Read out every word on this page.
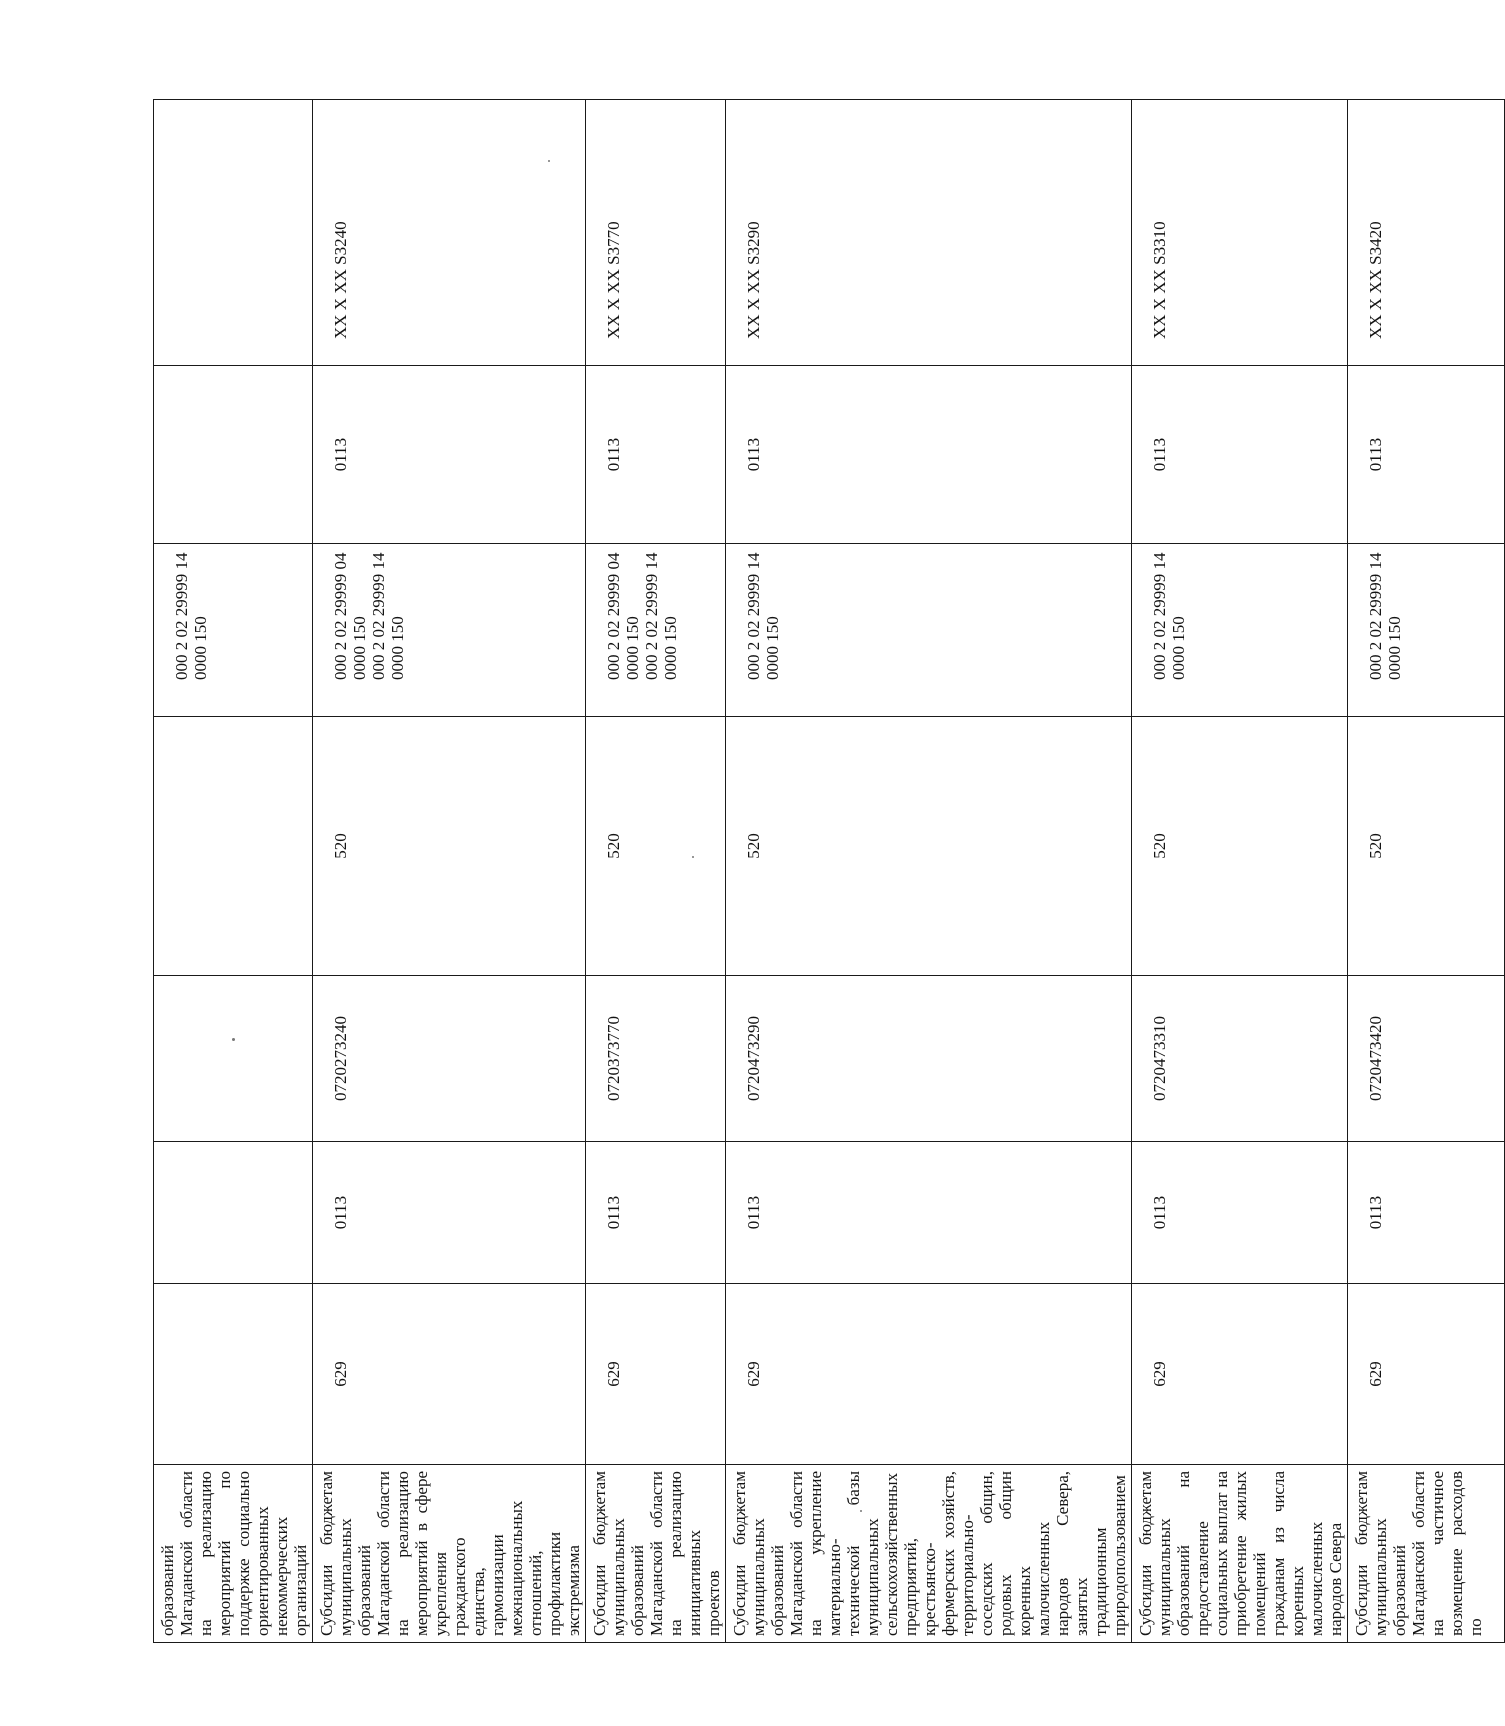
образований Магаданской области на реализацию мероприятий по поддержке социально ориентированных некоммерческих организаций					000 2 02 29999 14 0000 150		

Субсидии бюджетам муниципальных образований Магаданской области на реализацию мероприятий в сфере укрепления гражданского единства, гармонизации межнациональных отношений, профилактики экстремизма	629	0113	0720273240	520	000 2 02 29999 04 0000 150 000 2 02 29999 14 0000 150	0113	XX X XX S3240
Субсидии бюджетам муниципальных образований Магаданской области на реализацию инициативных проектов	629	0113	0720373770	520	000 2 02 29999 04 0000 150 000 2 02 29999 14 0000 150	0113	XX X XX S3770
Субсидии бюджетам муниципальных образований Магаданской области на укрепление материально-технической базы муниципальных сельскохозяйственных предприятий, крестьянско-фермерских хозяйств, территориально-соседских общин, родовых общин коренных малочисленных народов Севера, занятых традиционным природопользованием	629	0113	0720473290	520	000 2 02 29999 14 0000 150	0113	XX X XX S3290
Субсидии бюджетам муниципальных образований на предоставление социальных выплат на приобретение жилых помещений гражданам из числа коренных малочисленных народов Севера	629	0113	0720473310	520	000 2 02 29999 14 0000 150	0113	XX X XX S3310
Субсидии бюджетам муниципальных образований Магаданской области на частичное возмещение расходов по	629	0113	0720473420	520	000 2 02 29999 14 0000 150	0113	XX X XX S3420
